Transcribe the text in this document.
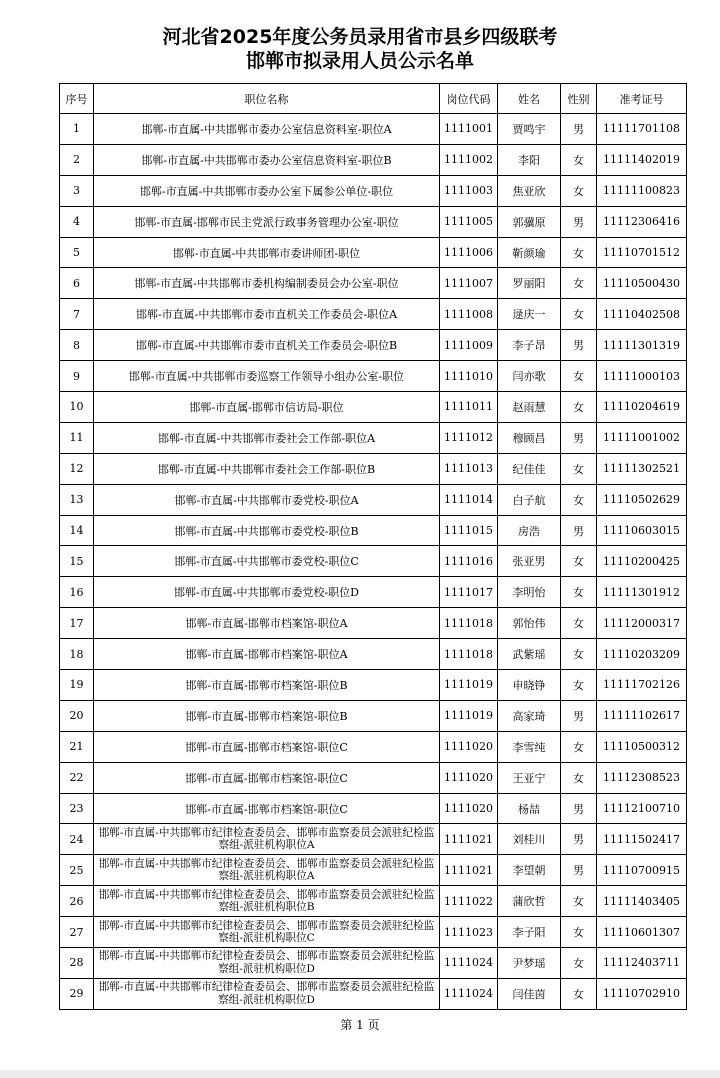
河北省2025年度公务员录用省市县乡四级联考
邯郸市拟录用人员公示名单
序号	职位名称	岗位代码	姓名	性别	准考证号
1	邯郸-市直属-中共邯郸市委办公室信息资料室-职位A	1111001	贾鸣宇	男	11111701108
2	邯郸-市直属-中共邯郸市委办公室信息资料室-职位B	1111002	李阳	女	11111402019
3	邯郸-市直属-中共邯郸市委办公室下属参公单位-职位	1111003	焦亚欣	女	11111100823
4	邯郸-市直属-邯郸市民主党派行政事务管理办公室-职位	1111005	郭骥原	男	11112306416
5	邯郸-市直属-中共邯郸市委讲师团-职位	1111006	靳颜瑜	女	11110701512
6	邯郸-市直属-中共邯郸市委机构编制委员会办公室-职位	1111007	罗丽阳	女	11110500430
7	邯郸-市直属-中共邯郸市委市直机关工作委员会-职位A	1111008	逯庆一	女	11110402508
8	邯郸-市直属-中共邯郸市委市直机关工作委员会-职位B	1111009	李子昂	男	11111301319
9	邯郸-市直属-中共邯郸市委巡察工作领导小组办公室-职位	1111010	闫亦歌	女	11111000103
10	邯郸-市直属-邯郸市信访局-职位	1111011	赵雨慧	女	11110204619
11	邯郸-市直属-中共邯郸市委社会工作部-职位A	1111012	穆顾昌	男	11111001002
12	邯郸-市直属-中共邯郸市委社会工作部-职位B	1111013	纪佳佳	女	11111302521
13	邯郸-市直属-中共邯郸市委党校-职位A	1111014	白子航	女	11110502629
14	邯郸-市直属-中共邯郸市委党校-职位B	1111015	房浩	男	11110603015
15	邯郸-市直属-中共邯郸市委党校-职位C	1111016	张亚男	女	11110200425
16	邯郸-市直属-中共邯郸市委党校-职位D	1111017	李明怡	女	11111301912
17	邯郸-市直属-邯郸市档案馆-职位A	1111018	郭怡伟	女	11112000317
18	邯郸-市直属-邯郸市档案馆-职位A	1111018	武紫瑶	女	11110203209
19	邯郸-市直属-邯郸市档案馆-职位B	1111019	申晓铮	女	11111702126
20	邯郸-市直属-邯郸市档案馆-职位B	1111019	高家琦	男	11111102617
21	邯郸-市直属-邯郸市档案馆-职位C	1111020	李雪纯	女	11110500312
22	邯郸-市直属-邯郸市档案馆-职位C	1111020	王亚宁	女	11112308523
23	邯郸-市直属-邯郸市档案馆-职位C	1111020	杨喆	男	11112100710
24	邯郸-市直属-中共邯郸市纪律检查委员会、邯郸市监察委员会派驻纪检监察组-派驻机构职位A	1111021	刘桂川	男	11111502417
25	邯郸-市直属-中共邯郸市纪律检查委员会、邯郸市监察委员会派驻纪检监察组-派驻机构职位A	1111021	李望朝	男	11110700915
26	邯郸-市直属-中共邯郸市纪律检查委员会、邯郸市监察委员会派驻纪检监察组-派驻机构职位B	1111022	蒲欣哲	女	11111403405
27	邯郸-市直属-中共邯郸市纪律检查委员会、邯郸市监察委员会派驻纪检监察组-派驻机构职位C	1111023	李子阳	女	11110601307
28	邯郸-市直属-中共邯郸市纪律检查委员会、邯郸市监察委员会派驻纪检监察组-派驻机构职位D	1111024	尹梦瑶	女	11112403711
29	邯郸-市直属-中共邯郸市纪律检查委员会、邯郸市监察委员会派驻纪检监察组-派驻机构职位D	1111024	闫佳茵	女	11110702910
第 1 页
